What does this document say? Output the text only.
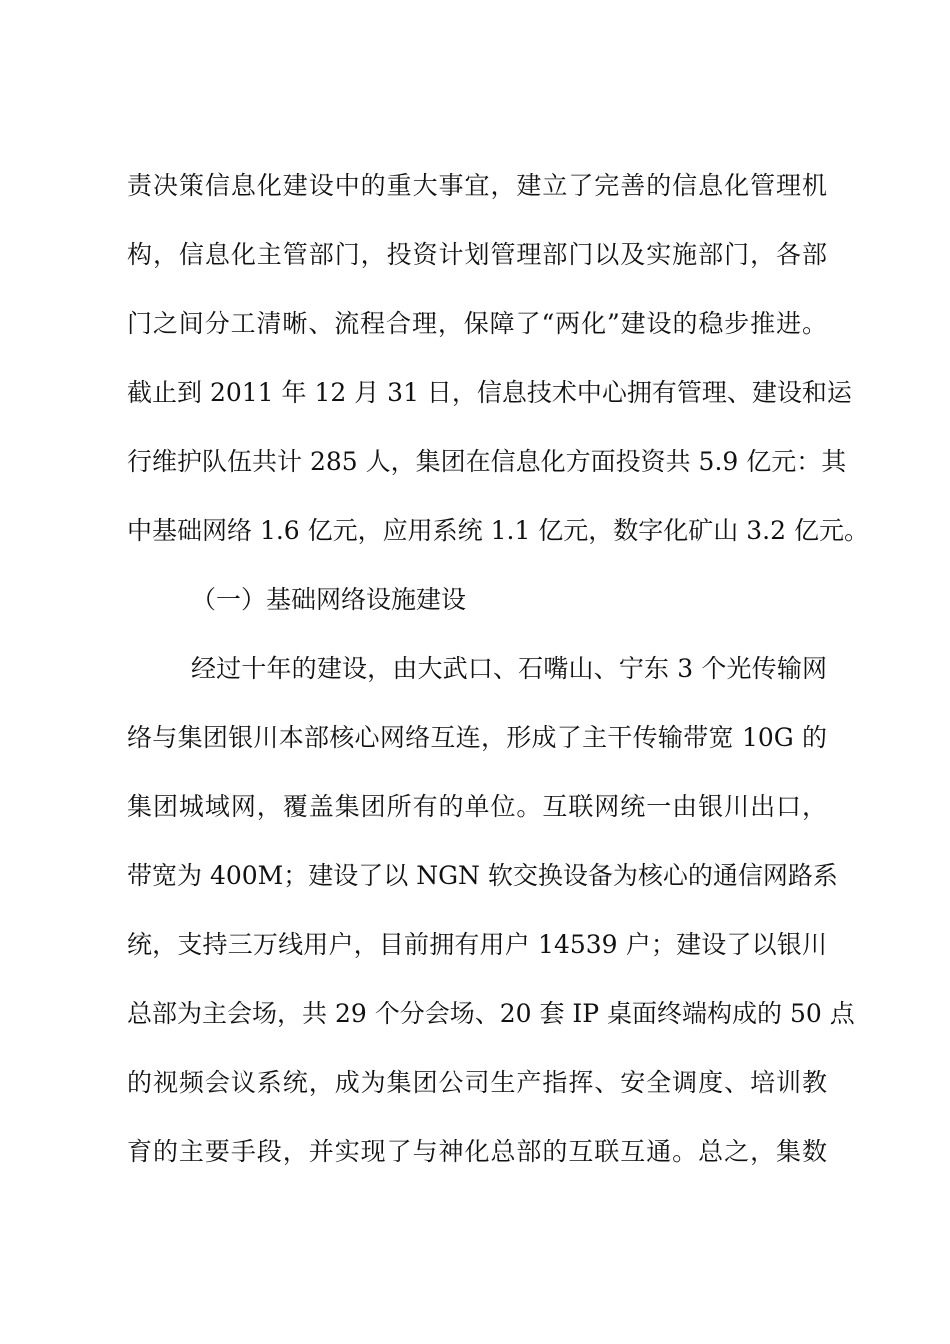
责决策信息化建设中的重大事宜，建立了完善的信息化管理机
构，信息化主管部门，投资计划管理部门以及实施部门，各部
门之间分工清晰、流程合理，保障了“两化”建设的稳步推进。
截止到 2011 年 12 月 31 日，信息技术中心拥有管理、建设和运
行维护队伍共计 285 人，集团在信息化方面投资共 5.9 亿元：其
中基础网络 1.6 亿元，应用系统 1.1 亿元，数字化矿山 3.2 亿元。
（一）基础网络设施建设
经过十年的建设，由大武口、石嘴山、宁东 3 个光传输网
络与集团银川本部核心网络互连，形成了主干传输带宽 10G 的
集团城域网，覆盖集团所有的单位。互联网统一由银川出口，
带宽为 400M；建设了以 NGN 软交换设备为核心的通信网路系
统，支持三万线用户，目前拥有用户 14539 户；建设了以银川
总部为主会场，共 29 个分会场、20 套 IP 桌面终端构成的 50 点
的视频会议系统，成为集团公司生产指挥、安全调度、培训教
育的主要手段，并实现了与神化总部的互联互通。总之，集数
